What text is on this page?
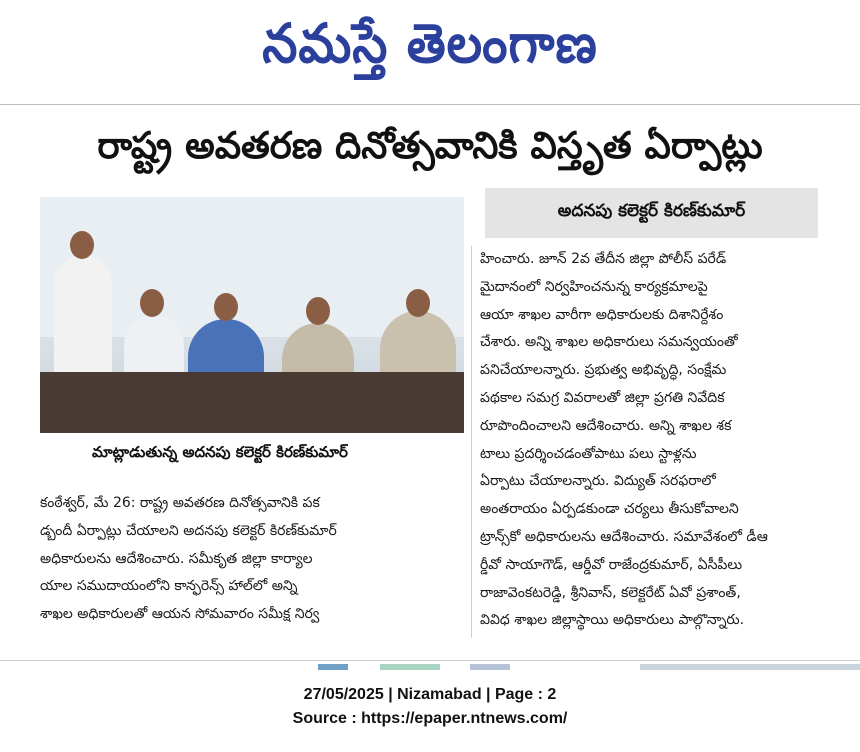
నమస్తే తెలంగాణ
రాష్ట్ర అవతరణ దినోత్సవానికి విస్తృత ఏర్పాట్లు
మాట్లాడుతున్న అదనపు కలెక్టర్ కిరణ్‌కుమార్
అదనపు కలెక్టర్ కిరణ్‌కుమార్
హించారు. జూన్ 2వ తేదీన జిల్లా పోలీస్ పరేడ్
మైదానంలో నిర్వహించనున్న కార్యక్రమాలపై
ఆయా శాఖల వారీగా అధికారులకు దిశానిర్దేశం
చేశారు. అన్ని శాఖల అధికారులు సమన్వయంతో
పనిచేయాలన్నారు. ప్రభుత్వ అభివృద్ధి, సంక్షేమ
పథకాల సమగ్ర వివరాలతో జిల్లా ప్రగతి నివేదిక
రూపొందించాలని ఆదేశించారు. అన్ని శాఖల శక
టాలు ప్రదర్శించడంతోపాటు పలు స్టాళ్లను
ఏర్పాటు చేయాలన్నారు. విద్యుత్ సరఫరాలో
అంతరాయం ఏర్పడకుండా చర్యలు తీసుకోవాలని
ట్రాన్స్‌కో అధికారులను ఆదేశించారు. సమావేశంలో డీఆ
ర్డీవో సాయాగౌడ్, ఆర్డీవో రాజేంద్రకుమార్, ఏసీపీలు
రాజావెంకటరెడ్డి, శ్రీనివాస్, కలెక్టరేట్ ఏవో ప్రశాంత్,
వివిధ శాఖల జిల్లాస్థాయి అధికారులు పాల్గొన్నారు.
కంఠేశ్వర్, మే 26: రాష్ట్ర అవతరణ దినోత్సవానికి పక
డ్బందీ ఏర్పాట్లు చేయాలని అదనపు కలెక్టర్ కిరణ్‌కుమార్
అధికారులను ఆదేశించారు. సమీకృత జిల్లా కార్యాల
యాల సముదాయంలోని కాన్ఫరెన్స్ హాల్‌లో అన్ని
శాఖల అధికారులతో ఆయన సోమవారం సమీక్ష నిర్వ
27/05/2025 | Nizamabad | Page : 2
Source : https://epaper.ntnews.com/
